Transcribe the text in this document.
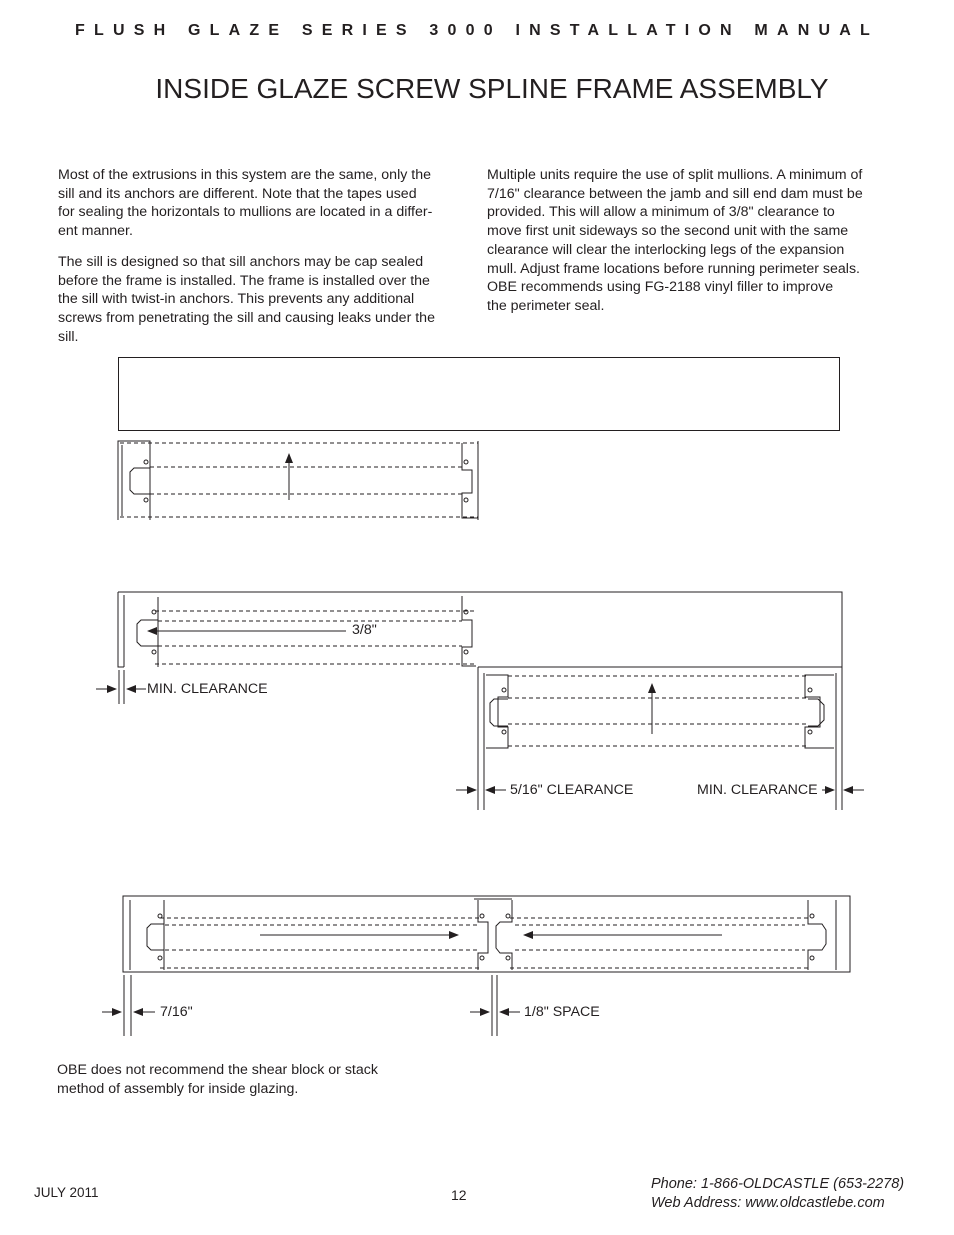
FLUSH GLAZE SERIES 3000 INSTALLATION MANUAL
INSIDE GLAZE SCREW SPLINE FRAME ASSEMBLY

Most of the extrusions in this system are the same, only the
sill and its anchors are different. Note that the tapes used
for sealing the horizontals to mullions are located in a differ-
ent manner.

The sill is designed so that sill anchors may be cap sealed
before the frame is installed. The frame is installed over the
the sill with twist-in anchors. This prevents any additional
screws from penetrating the sill and causing leaks under the
sill.

Multiple units require the use of split mullions. A minimum of
7/16" clearance between the jamb and sill end dam must be
provided. This will allow a minimum of 3/8" clearance to
move first unit sideways so the second unit with the same
clearance will clear the interlocking legs of the expansion
mull. Adjust frame locations before running perimeter seals.
OBE recommends using FG-2188 vinyl filler to improve
the perimeter seal.

3/8"
MIN. CLEARANCE
5/16" CLEARANCE	MIN. CLEARANCE
7/16"	1/8" SPACE

OBE does not recommend the shear block or stack
method of assembly for inside glazing.

JULY 2011	12
Phone: 1-866-OLDCASTLE (653-2278)
Web Address: www.oldcastlebe.com
